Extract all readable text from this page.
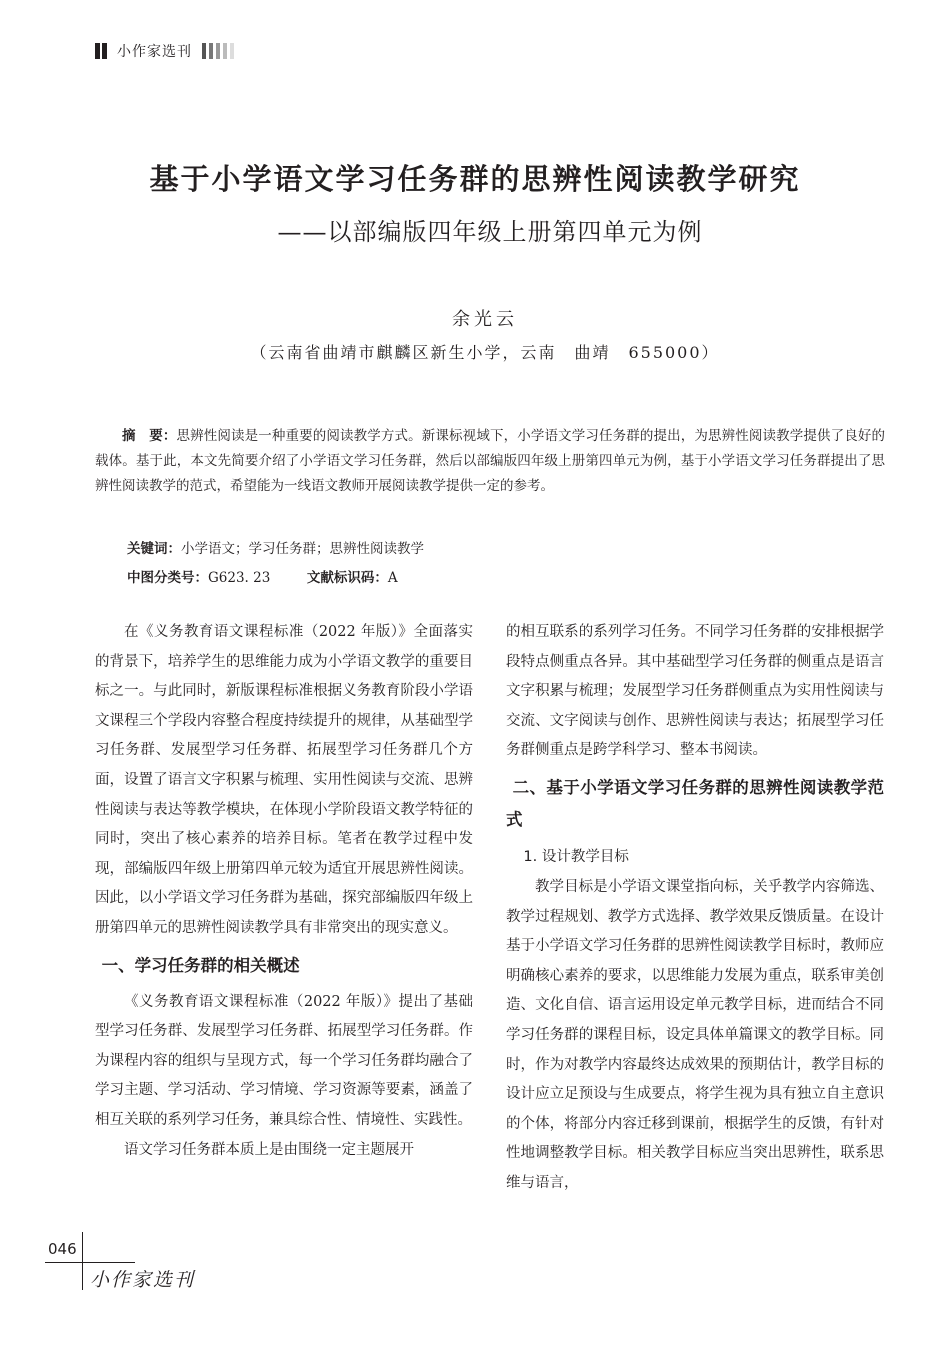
小作家选刊
基于小学语文学习任务群的思辨性阅读教学研究
——以部编版四年级上册第四单元为例
余光云
（云南省曲靖市麒麟区新生小学，云南　曲靖　655000）

摘　要：思辨性阅读是一种重要的阅读教学方式。新课标视域下，小学语文学习任务群的提出，为思辨性阅读教学提供了良好的载体。基于此，本文先简要介绍了小学语文学习任务群，然后以部编版四年级上册第四单元为例，基于小学语文学习任务群提出了思辨性阅读教学的范式，希望能为一线语文教师开展阅读教学提供一定的参考。

关键词：小学语文；学习任务群；思辨性阅读教学
中图分类号：G623. 23	文献标识码：A

在《义务教育语文课程标准（2022 年版）》全面落实的背景下，培养学生的思维能力成为小学语文教学的重要目标之一。与此同时，新版课程标准根据义务教育阶段小学语文课程三个学段内容整合程度持续提升的规律，从基础型学习任务群、发展型学习任务群、拓展型学习任务群几个方面，设置了语言文字积累与梳理、实用性阅读与交流、思辨性阅读与表达等教学模块，在体现小学阶段语文教学特征的同时，突出了核心素养的培养目标。笔者在教学过程中发现，部编版四年级上册第四单元较为适宜开展思辨性阅读。因此，以小学语文学习任务群为基础，探究部编版四年级上册第四单元的思辨性阅读教学具有非常突出的现实意义。

一、学习任务群的相关概述

《义务教育语文课程标准（2022 年版）》提出了基础型学习任务群、发展型学习任务群、拓展型学习任务群。作为课程内容的组织与呈现方式，每一个学习任务群均融合了学习主题、学习活动、学习情境、学习资源等要素，涵盖了相互关联的系列学习任务，兼具综合性、情境性、实践性。

语文学习任务群本质上是由围绕一定主题展开

的相互联系的系列学习任务。不同学习任务群的安排根据学段特点侧重点各异。其中基础型学习任务群的侧重点是语言文字积累与梳理；发展型学习任务群侧重点为实用性阅读与交流、文字阅读与创作、思辨性阅读与表达；拓展型学习任务群侧重点是跨学科学习、整本书阅读。

二、基于小学语文学习任务群的思辨性阅读教学范式
1. 设计教学目标

教学目标是小学语文课堂指向标，关乎教学内容筛选、教学过程规划、教学方式选择、教学效果反馈质量。在设计基于小学语文学习任务群的思辨性阅读教学目标时，教师应明确核心素养的要求，以思维能力发展为重点，联系审美创造、文化自信、语言运用设定单元教学目标，进而结合不同学习任务群的课程目标，设定具体单篇课文的教学目标。同时，作为对教学内容最终达成效果的预期估计，教学目标的设计应立足预设与生成要点，将学生视为具有独立自主意识的个体，将部分内容迁移到课前，根据学生的反馈，有针对性地调整教学目标。相关教学目标应当突出思辨性，联系思维与语言，

046
小作家选刊
